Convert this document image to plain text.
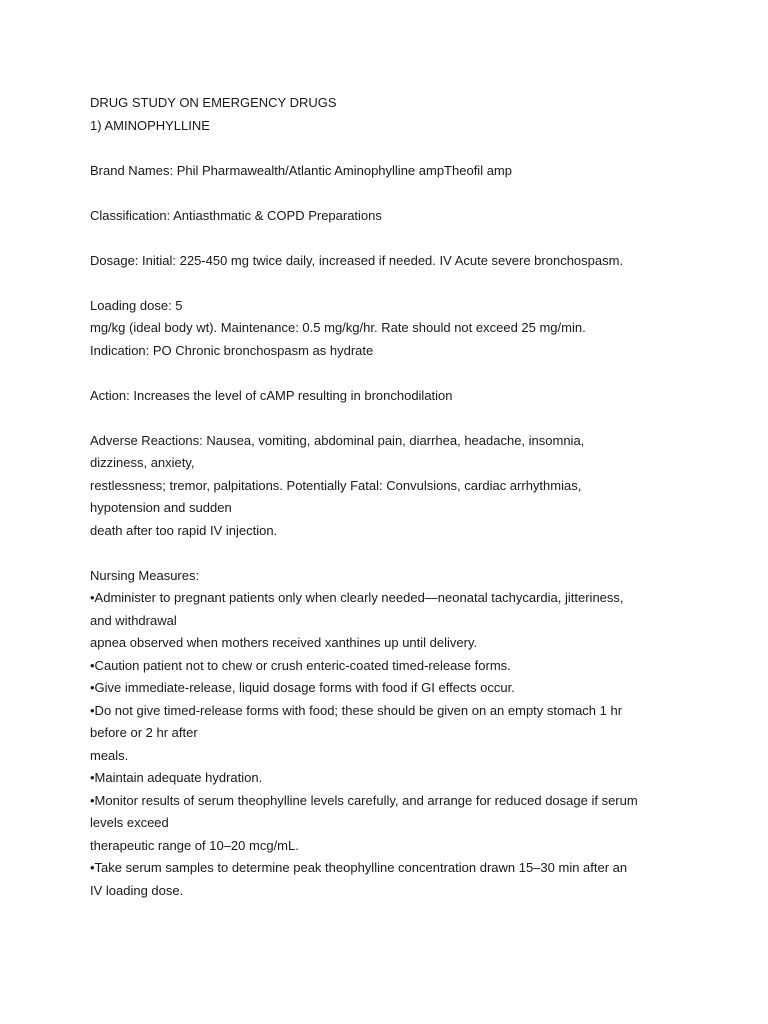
DRUG STUDY ON EMERGENCY DRUGS
1) AMINOPHYLLINE
Brand Names: Phil Pharmawealth/Atlantic Aminophylline ampTheofil amp
Classification: Antiasthmatic & COPD Preparations
Dosage: Initial: 225-450 mg twice daily, increased if needed. IV Acute severe bronchospasm.
Loading dose: 5
mg/kg (ideal body wt). Maintenance: 0.5 mg/kg/hr. Rate should not exceed 25 mg/min.
Indication: PO Chronic bronchospasm as hydrate
Action: Increases the level of cAMP resulting in bronchodilation
Adverse Reactions: Nausea, vomiting, abdominal pain, diarrhea, headache, insomnia,
dizziness, anxiety,
restlessness; tremor, palpitations. Potentially Fatal: Convulsions, cardiac arrhythmias,
hypotension and sudden
death after too rapid IV injection.
Nursing Measures:
•Administer to pregnant patients only when clearly needed—neonatal tachycardia, jitteriness,
and withdrawal
apnea observed when mothers received xanthines up until delivery.
•Caution patient not to chew or crush enteric-coated timed-release forms.
•Give immediate-release, liquid dosage forms with food if GI effects occur.
•Do not give timed-release forms with food; these should be given on an empty stomach 1 hr
before or 2 hr after
meals.
•Maintain adequate hydration.
•Monitor results of serum theophylline levels carefully, and arrange for reduced dosage if serum
levels exceed
therapeutic range of 10–20 mcg/mL.
•Take serum samples to determine peak theophylline concentration drawn 15–30 min after an
IV loading dose.
